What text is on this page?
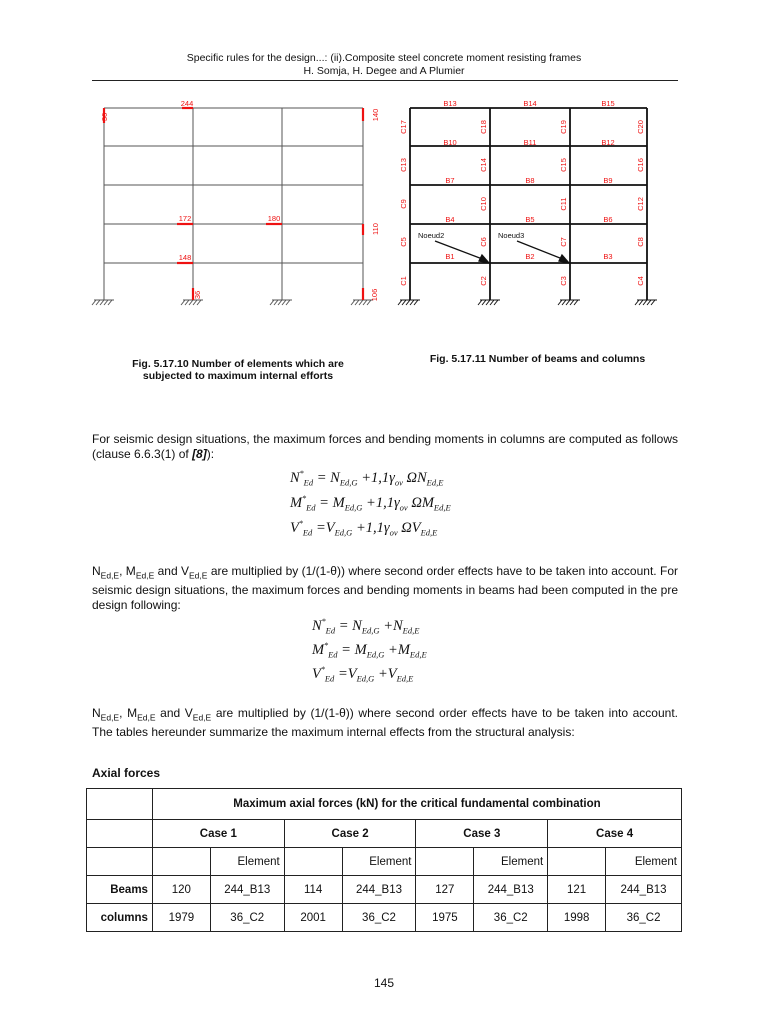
Specific rules for the design...: (ii).Composite steel concrete moment resisting frames
H. Somja, H. Degee and A Plumier
36
244
140
172	180
110
148
36	106
B13	B14	B15
B10	B11	B12
B7	B8	B9
B4	B5	B6
B1	B2	B3
C17	C18	C19	C20
C13	C14	C15	C16
C9	C10	C11	C12
C5	C6	C7	C8
C1	C2	C3	C4
Noeud2	Noeud3
Fig. 5.17.10 Number of elements which are
subjected to maximum internal efforts
Fig. 5.17.11 Number of beams and columns
For seismic design situations, the maximum forces and bending moments in columns are computed as follows (clause 6.6.3(1) of [8]):
$N^*_{Ed} = N_{Ed,G} +1,1\gamma_{ov}$ $\Omega N_{Ed,E}$
$M^*_{Ed} = M_{Ed,G} +1,1\gamma_{ov}$ $\Omega M_{Ed,E}$
$V^*_{Ed} =V_{Ed,G} +1,1\gamma_{ov}$ $\Omega V_{Ed,E}$
$N_{Ed,E}$, $M_{Ed,E}$ and $V_{Ed,E}$ are multiplied by (1/(1-θ)) where second order effects have to be taken into account. For seismic design situations, the maximum forces and bending moments in beams had been computed in the pre design following:
$N^*_{Ed} = N_{Ed,G} +N_{Ed,E}$
$M^*_{Ed} = M_{Ed,G} +M_{Ed,E}$
$V^*_{Ed} =V_{Ed,G} +V_{Ed,E}$
$N_{Ed,E}$, $M_{Ed,E}$ and $V_{Ed,E}$ are multiplied by (1/(1-θ)) where second order effects have to be taken into account. The tables hereunder summarize the maximum internal effects from the structural analysis:
Axial forces
	Maximum axial forces (kN) for the critical fundamental combination							
	Case 1		Case 2		Case 3		Case 4	
		Element		Element		Element		Element
Beams	120	244_B13	114	244_B13	127	244_B13	121	244_B13
columns	1979	36_C2	2001	36_C2	1975	36_C2	1998	36_C2
145
